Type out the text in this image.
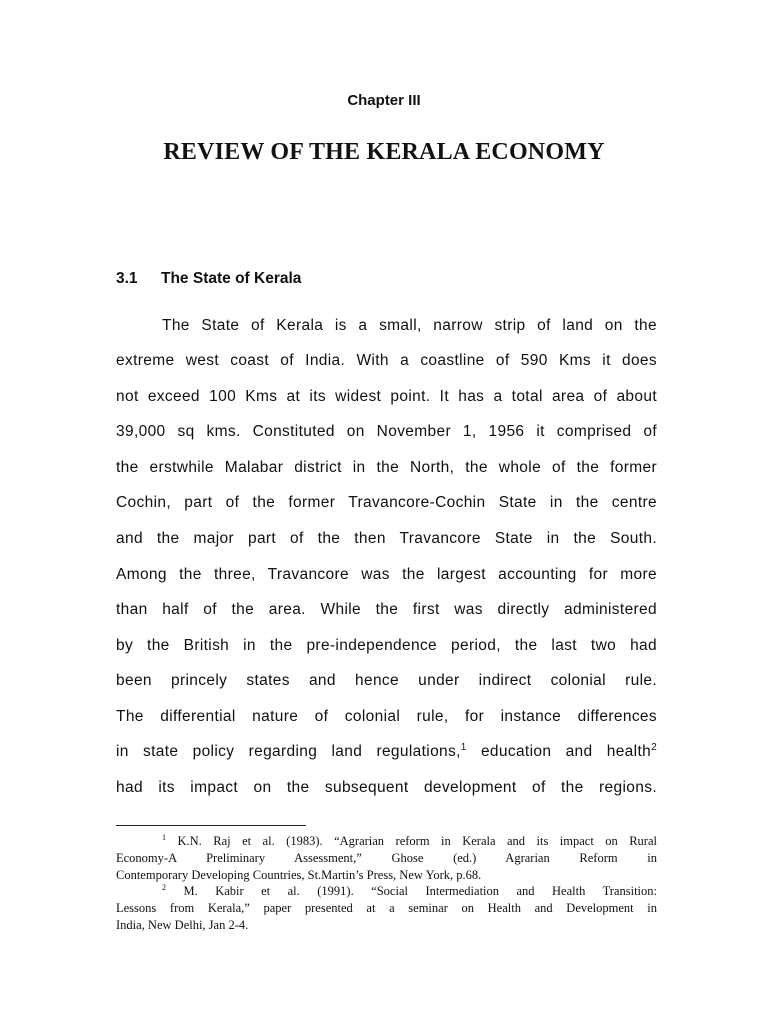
Chapter III
REVIEW OF THE KERALA ECONOMY
3.1 The State of Kerala
The State of Kerala is a small, narrow strip of land on the
extreme west coast of India. With a coastline of 590 Kms it does
not exceed 100 Kms at its widest point. It has a total area of about
39,000 sq kms. Constituted on November 1, 1956 it comprised of
the erstwhile Malabar district in the North, the whole of the former
Cochin, part of the former Travancore-Cochin State in the centre
and the major part of the then Travancore State in the South.
Among the three, Travancore was the largest accounting for more
than half of the area. While the first was directly administered
by the British in the pre-independence period, the last two had
been princely states and hence under indirect colonial rule.
The differential nature of colonial rule, for instance differences
in state policy regarding land regulations,$^1$ education and health$^2$
had its impact on the subsequent development of the regions.
$^1$ K.N. Raj et al. (1983). “Agrarian reform in Kerala and its impact on Rural
Economy-A Preliminary Assessment,” Ghose (ed.) Agrarian Reform in
Contemporary Developing Countries, St.Martin’s Press, New York, p.68.
$^2$ M. Kabir et al. (1991). “Social Intermediation and Health Transition:
Lessons from Kerala,” paper presented at a seminar on Health and Development in
India, New Delhi, Jan 2-4.
